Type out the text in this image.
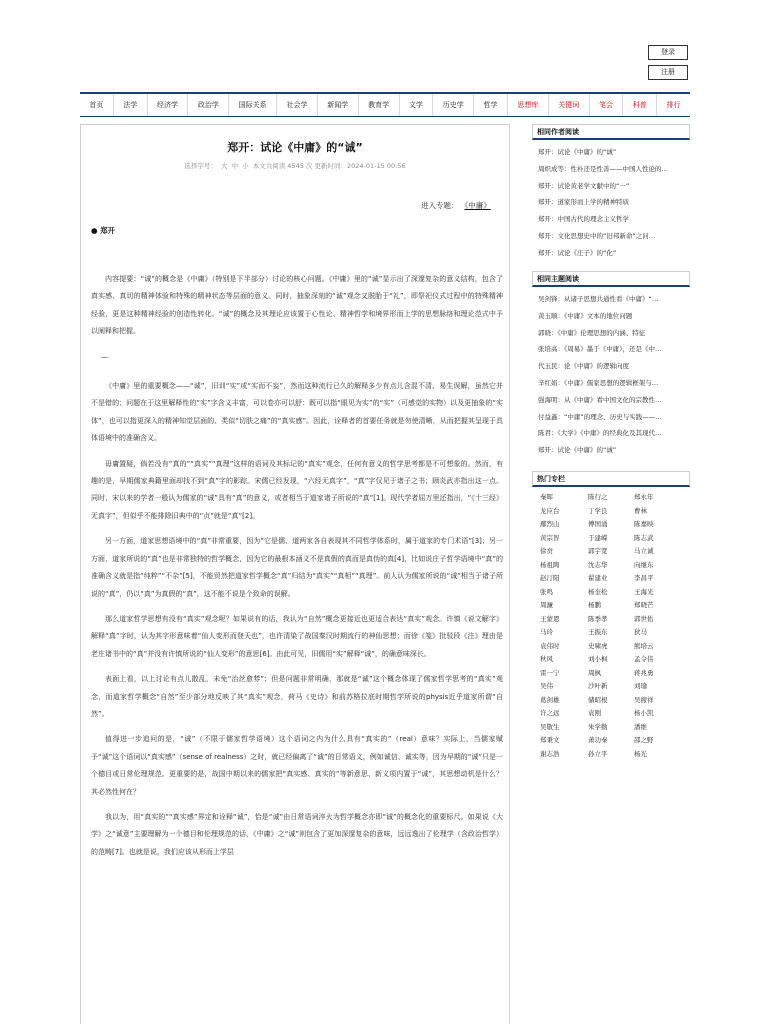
登录
注册
首页	法学	经济学	政治学	国际关系	社会学	新闻学	教育学	文学	历史学	哲学	思想库	关键词	笔会	科普	排行
郑开：试论《中庸》的“诚”
选择字号： 大 中 小 本文共阅读 4545 次 更新时间：2024-01-15 00:56
进入专题： 《中庸》
● 郑开

内容提要：“诚”的概念是《中庸》（特别是下半部分）讨论的核心问题。《中庸》里的“诚”显示出了深邃复杂的意义结构，包含了真实感、真切的精神体验和特殊的精神状态等层面的意义。同时，抽象深刻的“诚”观念又脱胎于“礼”，即祭祀仪式过程中的特殊精神经验，更是这种精神经验的创造性转化。“诚”的概念及其理论应该置于心性论、精神哲学和境界形而上学的思想脉络和理论范式中予以阐释和把握。

—

《中庸》里的重要概念——“诚”，旧训“实”或“实而不妄”，然而这种流行已久的解释多少有点儿含混不清、易生误解，虽然它并不是错的；问题在于这里解释性的“实”字含义丰富，可以卷亦可以舒：既可以指“眼见为实”的“实”（可感觉的实物）以及更抽象的“实体”，也可以指更深入的精神知觉层面的、类似“切肤之痛”的“真实感”。因此，诠释者的首要任务就是勿使清晰，从而把握其呈现于具体语境中的准确含义。

毋庸置疑，倘若没有“真的”“真实”“真理”这样的语词及其标记的“真实”观念，任何有意义的哲学思考都是不可想象的。然而，有趣的是，早期儒家典籍里面却找不到“真”字的影踪。宋儒已经发现，“六经无真字”，“真”字仅见于诸子之书；顾炎武亦指出这一点。同时，宋以来的学者一般认为儒家的“诚”具有“真”的意义，或者相当于道家诸子所说的“真”[1]。现代学者屈万里还指出，“《十三经》无真字”，但似乎不能排除旧典中的“贞”就是“真”[2]。

另一方面，道家思想语境中的“真”非常重要，因为“它是儒、道两家各自表现其不同哲学体系时，属于道家的专门术语”[3]；另一方面，道家所说的“真”也是非常独特的哲学概念，因为它的最根本涵义不是真假的真而是真伪的真[4]，比如说庄子哲学语境中“真”的准确含义就是指“纯粹”“不杂”[5]，不能贸然把道家哲学概念“真”归结为“真实”“真相”“真理”。前人认为儒家所说的“诚”相当于诸子所说的“真”，仍以“真”为真假的“真”，这不能不说是个致命的误解。

那么道家哲学思想有没有“真实”观念呢？如果说有的话，我认为“自然”概念更接近也更适合表达“真实”观念。许慎《说文解字》解释“真”字时，认为其字形意味着“仙人变形而登天也”，也许清染了战国秦汉时期流行的神仙思想；而徐《笺》批驳段《注》理由是老庄诸书中的“真”并没有许慎所说的“仙人变形”的意思[6]。由此可见，旧儒用“实”解释“诚”，的确意味深长。

表面上看，以上讨论有点儿散乱，未免“治丝愈棼”；但是问题非常明确，那就是“诚”这个概念体现了儒家哲学思考的“真实”观念，而道家哲学概念“自然”至少部分地反映了其“真实”观念，荷马《史诗》和前苏格拉底时期哲学所说的physis近乎道家所谓“自然”。

值得进一步追问的是，“诚”（不限于儒家哲学语境）这个语词之内为什么具有“真实的”（real）意味？实际上，当儒家赋予“诚”这个语词以“真实感”（sense of realness）之时，就已经偏离了“诚”的日常语义，例如诚信、诚实等，因为早期的“诚”只是一个德目或日常伦理规范。更重要的是，战国中期以来的儒家把“真实感、真实的”等新意思、新义项内置于“诚”，其思想动机是什么？其必然性何在？

我以为，用“真实的”“真实感”界定和诠释“诚”，恰是“诚”由日常语词淬火为哲学概念亦即“诚”的概念化的重要标尺。如果说《大学》之“诚意”主要理解为一个德目和伦理规范的话，《中庸》之“诚”则包含了更加深邃复杂的意味，远远逸出了伦理学（含政治哲学）的范畴[7]。也就是说，我们应该从形而上学层

相同作者阅读
郑开：试论《中庸》的“诚”
周炽成等：性朴还是性善——中国人性论的…
郑开：试论黄老学文献中的“一”
郑开：道家形而上学的精神特质
郑开：中国古代的理念主义哲学
郑开：文化思想史中的“旧邦新命”之问…
郑开：试论《庄子》的“化”
相同主题阅读
吴剑锋：从诸子思想共通性看《中庸》“…
黄玉顺：《中庸》文本的地位问题
郭晓：《中庸》伦理思想的内涵、特征
张培高：《周易》墨于《中庸》，还是《中…
代玉民：论《中庸》的逻辑向度
辛红娟：《中庸》儒家思想的逻辑框架与…
强海明：从《中庸》看中国文化的宗教性…
付益鑫：“中庸”的理念、历史与实践——…
陈君：《大学》《中庸》的经典化及其现代…
郑开：试论《中庸》的“诚”
热门专栏
秦晖	陈行之	郑永年
龙应台	丁学良	曹林
鄢烈山	傅国涌	陈嘉映
黄宗智	于建嵘	陈志武
徐贲	郭宇宽	马立诚
杨祖陶	沈志华	向继东
赵汀阳	翟建业	李昌平
张鸣	杨奎松	王海光
周濂	杨鹏	郑晓芒
王蒙恩	陈季孝	郭世佑
马玲	王振东	狄马
袁伟时	史啸虎	熊培云
秋风	刘小枫	孟令伟
雷一宁	周枫	蒋兆勇
吴伟	沙叶新	刘瑜
葛剑雄	储昭根	吴稼祥
许之远	袁刚	杨小凯
吴敬生	朱学勤	潘维
郑秉文	萧功秦	邵之野
谢志浩	孙立平	杨光
